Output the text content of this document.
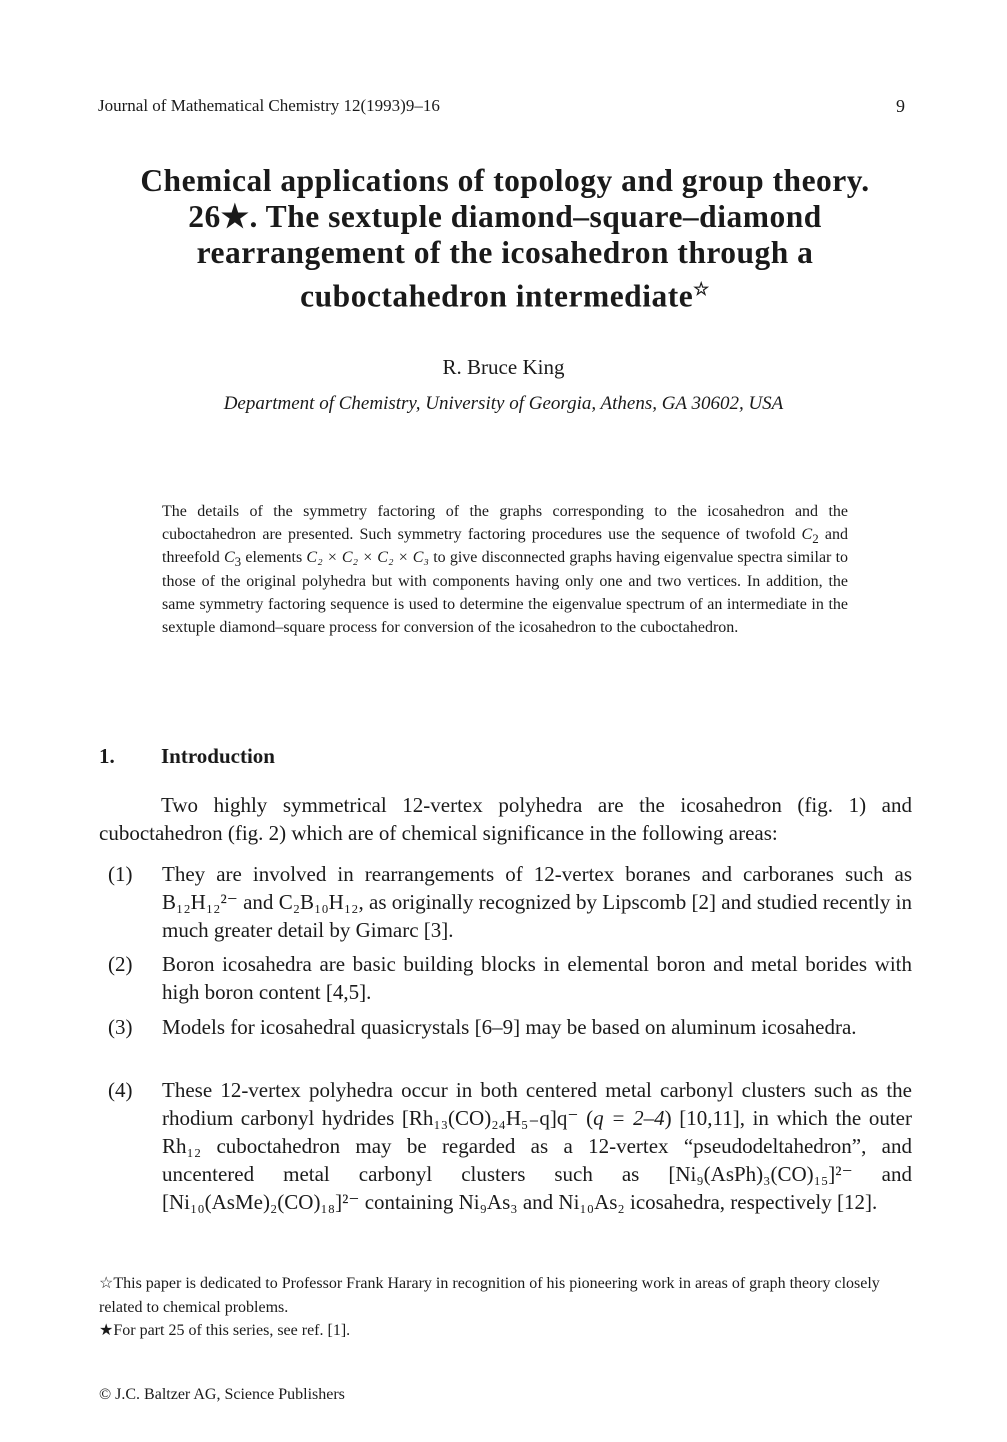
Journal of Mathematical Chemistry 12(1993)9–16	9
Chemical applications of topology and group theory.
26★. The sextuple diamond–square–diamond
rearrangement of the icosahedron through a
cuboctahedron intermediate☆
R. Bruce King
Department of Chemistry, University of Georgia, Athens, GA 30602, USA
The details of the symmetry factoring of the graphs corresponding to the icosahedron and the cuboctahedron are presented. Such symmetry factoring procedures use the sequence of twofold $C_2$ and threefold $C_3$ elements C₂ × C₂ × C₂ × C₃ to give disconnected graphs having eigenvalue spectra similar to those of the original polyhedra but with components having only one and two vertices. In addition, the same symmetry factoring sequence is used to determine the eigenvalue spectrum of an intermediate in the sextuple diamond–square process for conversion of the icosahedron to the cuboctahedron.
1. Introduction
Two highly symmetrical 12-vertex polyhedra are the icosahedron (fig. 1) and cuboctahedron (fig. 2) which are of chemical significance in the following areas:
(1) They are involved in rearrangements of 12-vertex boranes and carboranes such as B₁₂H₁₂²⁻ and C₂B₁₀H₁₂, as originally recognized by Lipscomb [2] and studied recently in much greater detail by Gimarc [3].
(2) Boron icosahedra are basic building blocks in elemental boron and metal borides with high boron content [4,5].
(3) Models for icosahedral quasicrystals [6–9] may be based on aluminum icosahedra.
(4) These 12-vertex polyhedra occur in both centered metal carbonyl clusters such as the rhodium carbonyl hydrides [Rh₁₃(CO)₂₄H₅₋q]q⁻ (q = 2–4) [10,11], in which the outer Rh₁₂ cuboctahedron may be regarded as a 12-vertex “pseudodeltahedron”, and uncentered metal carbonyl clusters such as [Ni₉(AsPh)₃(CO)₁₅]²⁻ and [Ni₁₀(AsMe)₂(CO)₁₈]²⁻ containing Ni₉As₃ and Ni₁₀As₂ icosahedra, respectively [12].
☆This paper is dedicated to Professor Frank Harary in recognition of his pioneering work in areas of graph theory closely related to chemical problems.
★For part 25 of this series, see ref. [1].
© J.C. Baltzer AG, Science Publishers
